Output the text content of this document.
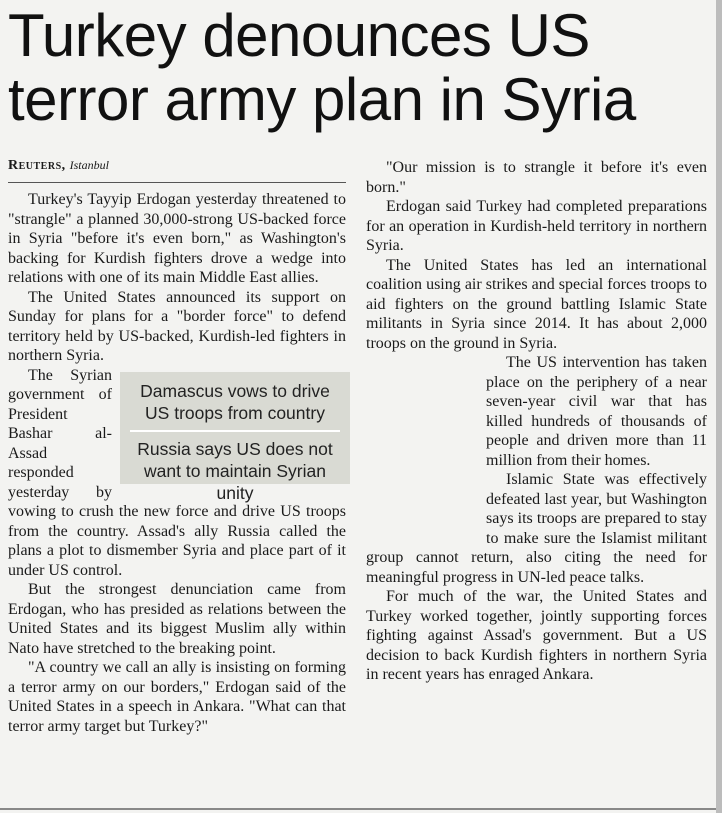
Turkey denounces US terror army plan in Syria
Reuters, Istanbul

Turkey's Tayyip Erdogan yesterday threatened to "strangle" a planned 30,000-strong US-backed force in Syria "before it's even born," as Washington's backing for Kurdish fighters drove a wedge into relations with one of its main Middle East allies.

The United States announced its support on Sunday for plans for a "border force" to defend territory held by US-backed, Kurdish-led fighters in northern Syria.

Damascus vows to drive US troops from country
Russia says US does not want to maintain Syrian unity

The Syrian government of President Bashar al-Assad responded yesterday by vowing to crush the new force and drive US troops from the country. Assad's ally Russia called the plans a plot to dismember Syria and place part of it under US control.

But the strongest denunciation came from Erdogan, who has presided as relations between the United States and its biggest Muslim ally within Nato have stretched to the breaking point.

"A country we call an ally is insisting on forming a terror army on our borders," Erdogan said of the United States in a speech in Ankara. "What can that terror army target but Turkey?"

"Our mission is to strangle it before it's even born."

Erdogan said Turkey had completed preparations for an operation in Kurdish-held territory in northern Syria.

The United States has led an international coalition using air strikes and special forces troops to aid fighters on the ground battling Islamic State militants in Syria since 2014. It has about 2,000 troops on the ground in Syria.

The US intervention has taken place on the periphery of a near seven-year civil war that has killed hundreds of thousands of people and driven more than 11 million from their homes.

Islamic State was effectively defeated last year, but Washington says its troops are prepared to stay to make sure the Islamist militant group cannot return, also citing the need for meaningful progress in UN-led peace talks.

For much of the war, the United States and Turkey worked together, jointly supporting forces fighting against Assad's government. But a US decision to back Kurdish fighters in northern Syria in recent years has enraged Ankara.
